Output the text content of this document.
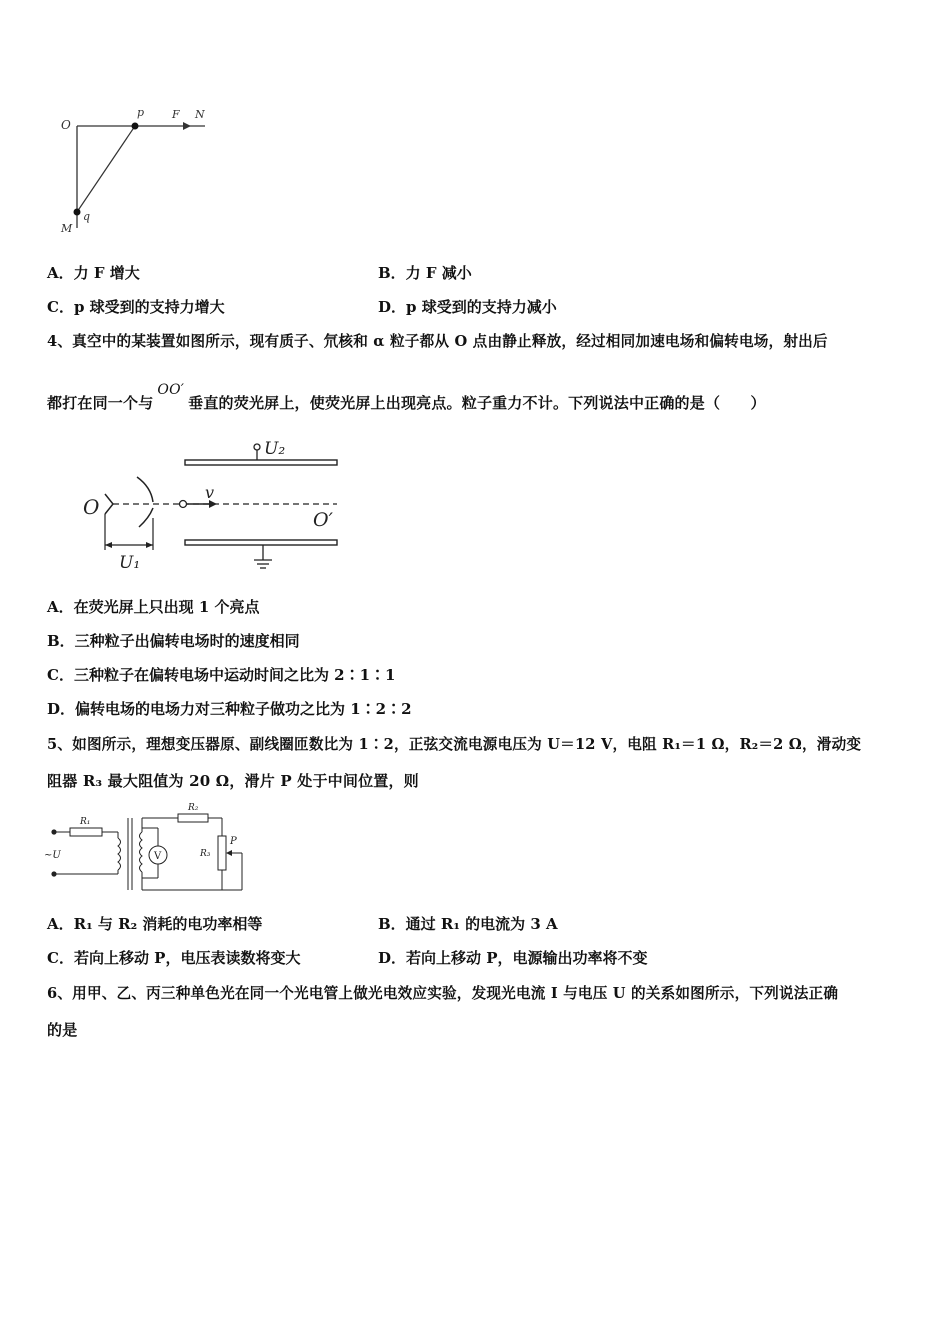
O
p	F N
q
M
A．力 F 增大	B．力 F 减小
C．p 球受到的支持力增大	D．p 球受到的支持力减小
4、真空中的某装置如图所示，现有质子、氘核和 α 粒子都从 O 点由静止释放，经过相同加速电场和偏转电场，射出后
都打在同一个与OO′垂直的荧光屏上，使荧光屏上出现亮点。粒子重力不计。下列说法中正确的是（　　）
U₂
v
O
O′
U₁
A．在荧光屏上只出现 1 个亮点
B．三种粒子出偏转电场时的速度相同
C．三种粒子在偏转电场中运动时间之比为 2∶1∶1
D．偏转电场的电场力对三种粒子做功之比为 1∶2∶2
5、如图所示，理想变压器原、副线圈匝数比为 1∶2，正弦交流电源电压为 U＝12 V，电阻 R₁＝1 Ω，R₂＝2 Ω，滑动变
阻器 R₃ 最大阻值为 20 Ω，滑片 P 处于中间位置，则
~U
R₁
R₂
R₃
P
V
A．R₁ 与 R₂ 消耗的电功率相等	B．通过 R₁ 的电流为 3 A
C．若向上移动 P，电压表读数将变大	D．若向上移动 P，电源输出功率将不变
6、用甲、乙、丙三种单色光在同一个光电管上做光电效应实验，发现光电流 I 与电压 U 的关系如图所示，下列说法正确
的是
